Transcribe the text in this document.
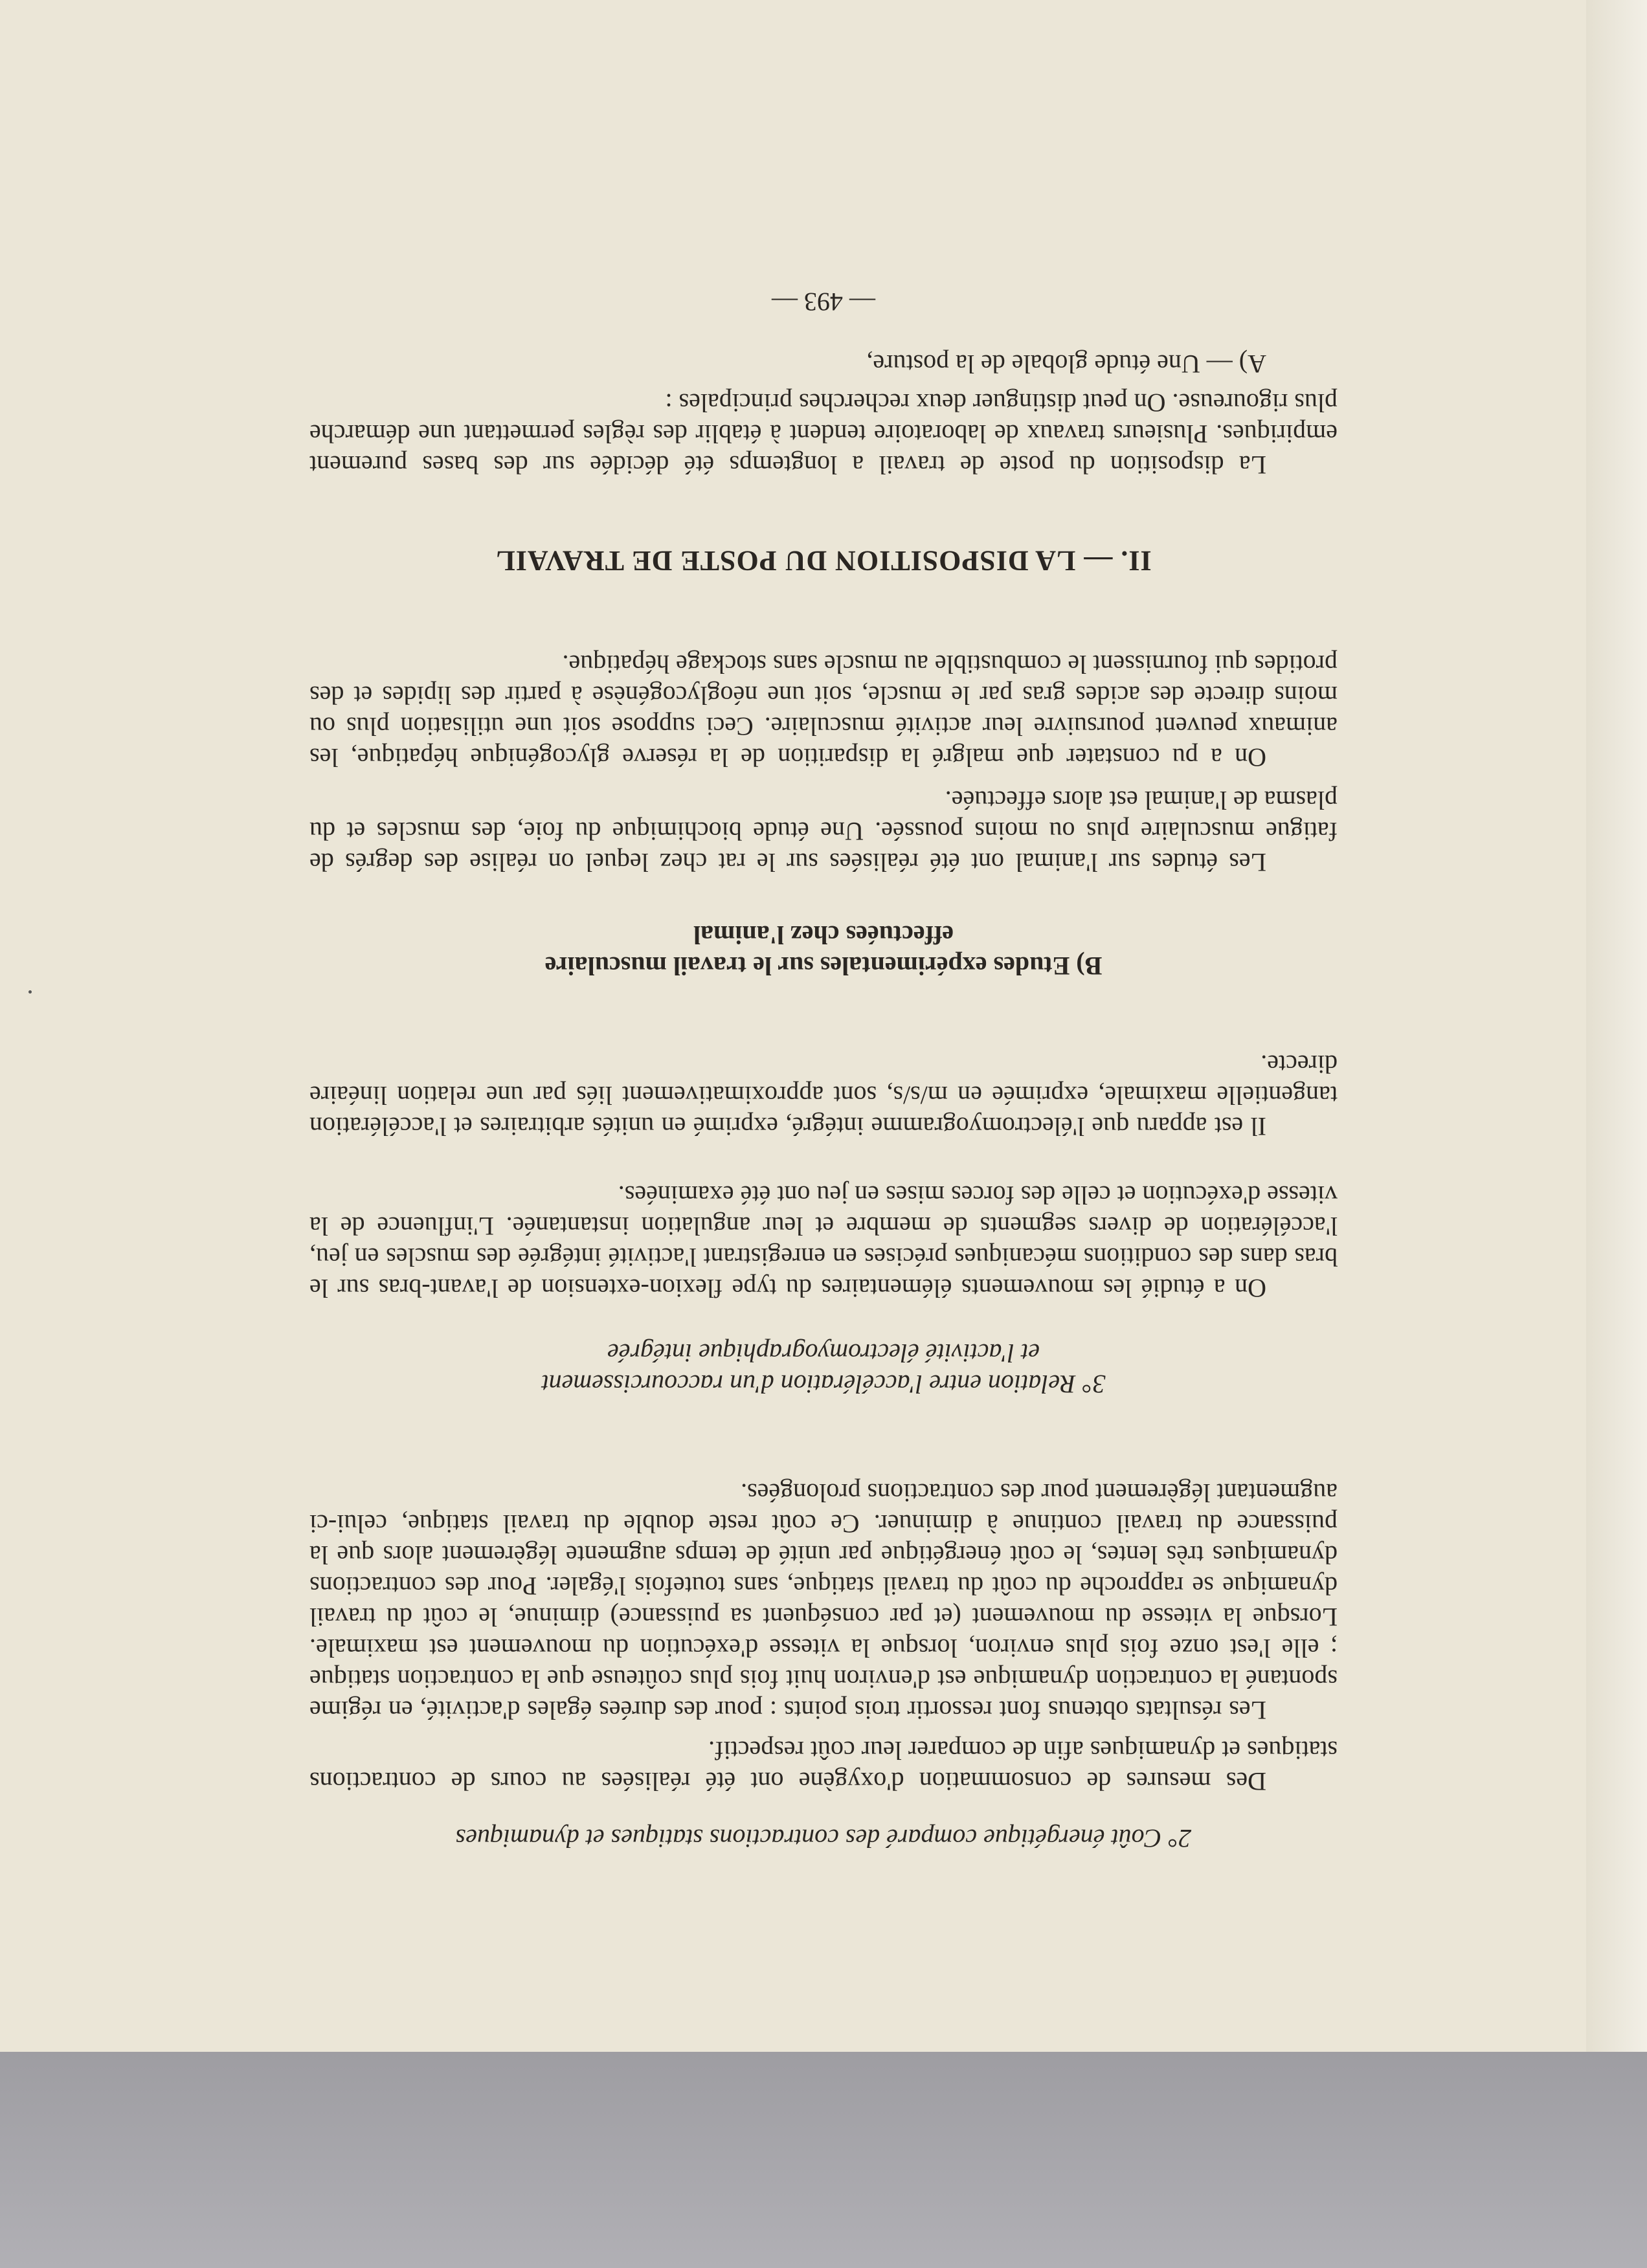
2° Coût énergétique comparé des contractions statiques et dynamiques

Des mesures de consommation d'oxygène ont été réalisées au cours de contractions statiques et dynamiques afin de comparer leur coût respectif.

Les résultats obtenus font ressortir trois points : pour des durées égales d'activité, en régime spontané la contraction dynamique est d'environ huit fois plus coûteuse que la contraction statique ; elle l'est onze fois plus environ, lorsque la vitesse d'exécution du mouvement est maximale. Lorsque la vitesse du mouvement (et par conséquent sa puissance) diminue, le coût du travail dynamique se rapproche du coût du travail statique, sans toutefois l'égaler. Pour des contractions dynamiques très lentes, le coût énergétique par unité de temps augmente légèrement alors que la puissance du travail continue à diminuer. Ce coût reste double du travail statique, celui-ci augmentant légèrement pour des contractions prolongées.

3° Relation entre l'accélération d'un raccourcissement
et l'activité électromyographique intégrée

On a étudié les mouvements élémentaires du type flexion-extension de l'avant-bras sur le bras dans des conditions mécaniques précises en enregistrant l'activité intégrée des muscles en jeu, l'accélération de divers segments de membre et leur angulation instantanée. L'influence de la vitesse d'exécution et celle des forces mises en jeu ont été examinées.

Il est apparu que l'électromyogramme intégré, exprimé en unités arbitraires et l'accélération tangentielle maximale, exprimée en m/s/s, sont approximativement liés par une relation linéaire directe.

B) Etudes expérimentales sur le travail musculaire
effectuées chez l'animal

Les études sur l'animal ont été réalisées sur le rat chez lequel on réalise des degrés de fatigue musculaire plus ou moins poussée. Une étude biochimique du foie, des muscles et du plasma de l'animal est alors effectuée.

On a pu constater que malgré la disparition de la réserve glycogénique hépatique, les animaux peuvent poursuivre leur activité musculaire. Ceci suppose soit une utilisation plus ou moins directe des acides gras par le muscle, soit une néoglycogénèse à partir des lipides et des protides qui fournissent le combustible au muscle sans stockage hépatique.

II. — LA DISPOSITION DU POSTE DE TRAVAIL

La disposition du poste de travail a longtemps été décidée sur des bases purement empiriques. Plusieurs travaux de laboratoire tendent à établir des règles permettant une démarche plus rigoureuse. On peut distinguer deux recherches principales :

A) — Une étude globale de la posture,

— 493 —
